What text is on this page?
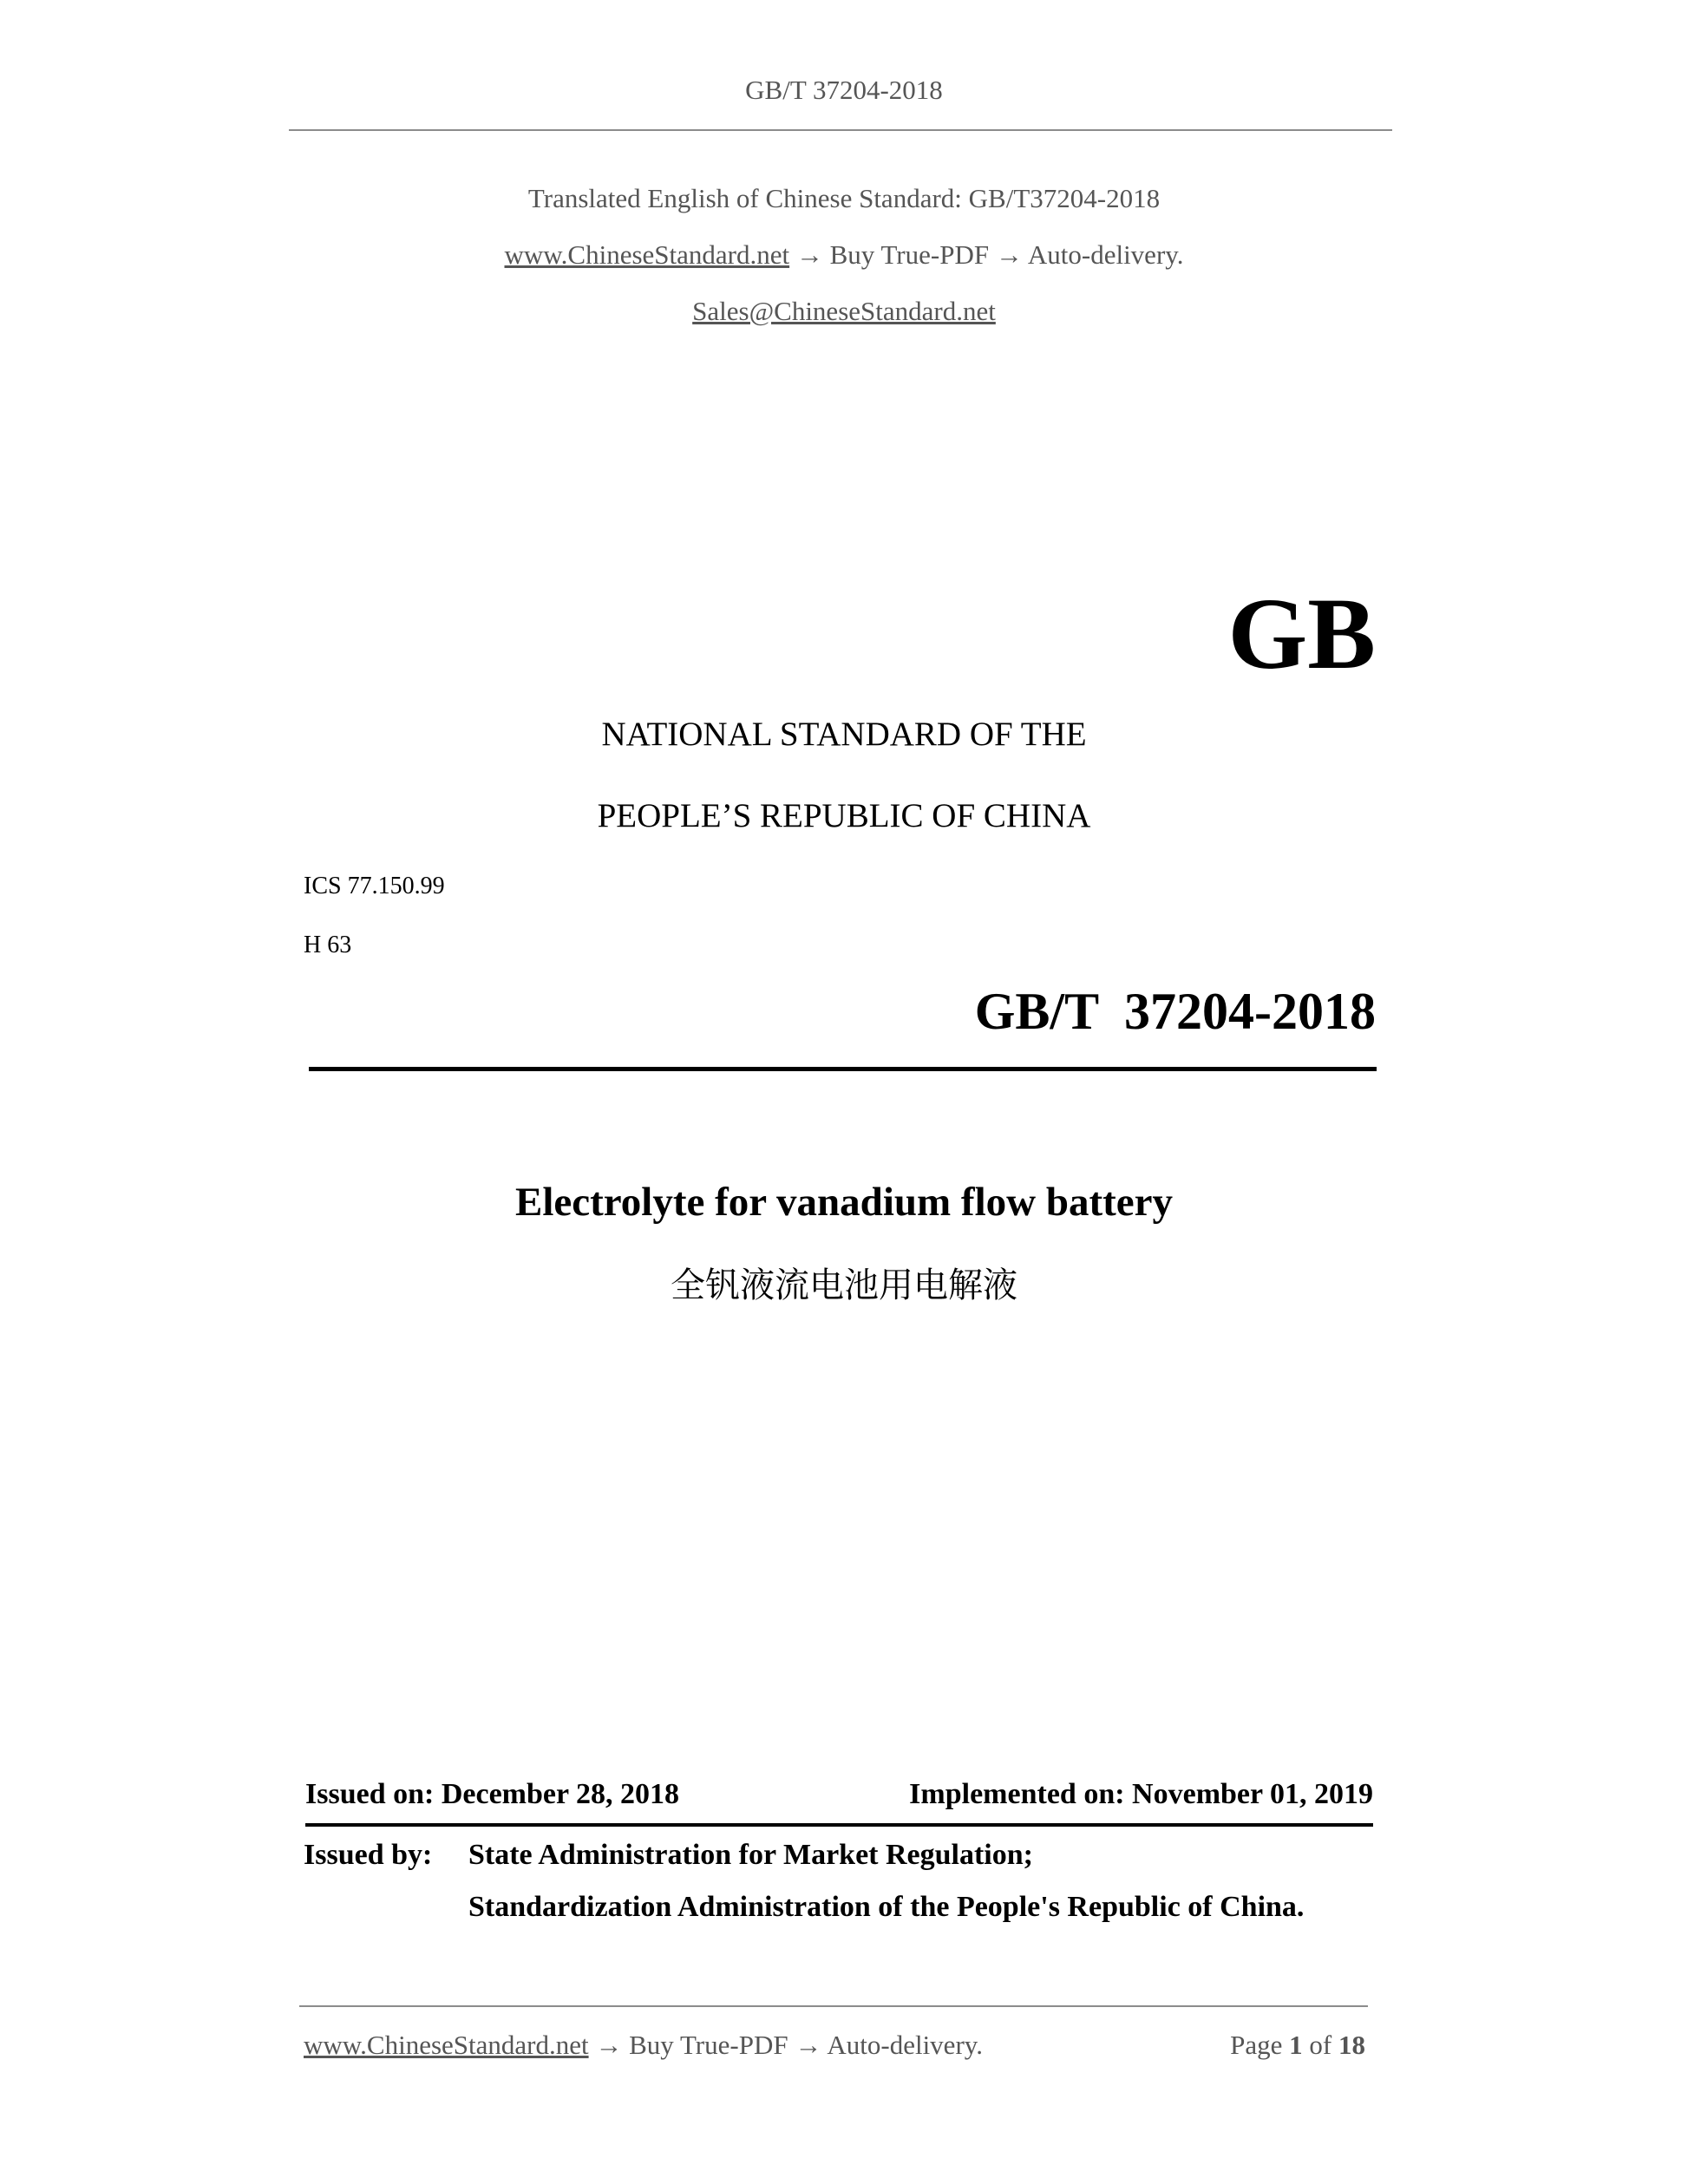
GB/T 37204-2018
Translated English of Chinese Standard: GB/T37204-2018
www.ChineseStandard.net → Buy True-PDF → Auto-delivery.
Sales@ChineseStandard.net
GB
NATIONAL STANDARD OF THE
PEOPLE’S REPUBLIC OF CHINA
ICS 77.150.99
H 63
GB/T  37204-2018
Electrolyte for vanadium flow battery
全钒液流电池用电解液
Issued on: December 28, 2018	Implemented on: November 01, 2019
Issued by: State Administration for Market Regulation;
Standardization Administration of the People's Republic of China.
www.ChineseStandard.net → Buy True-PDF → Auto-delivery.	Page 1 of 18
